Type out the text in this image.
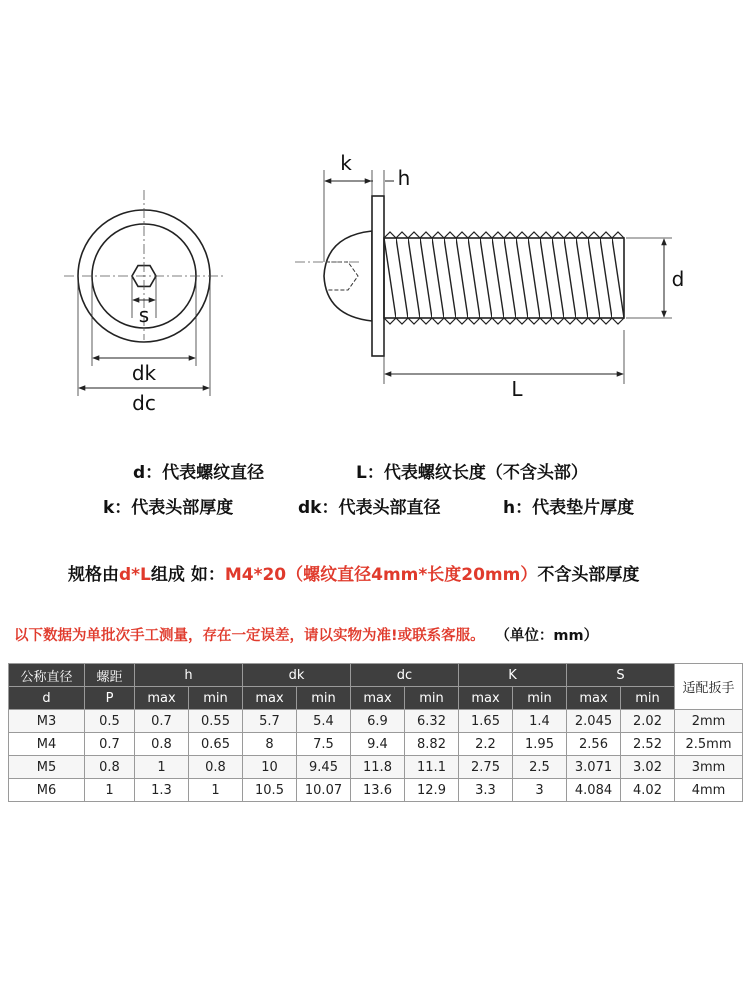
s
dk
dc
k
h
d
L
d：代表螺纹直径	L：代表螺纹长度（不含头部）
k：代表头部厚度	dk：代表头部直径	h：代表垫片厚度
规格由d*L组成 如：M4*20（螺纹直径4mm*长度20mm）不含头部厚度
以下数据为单批次手工测量，存在一定误差，请以实物为准!或联系客服。 （单位：mm）
公称直径	螺距	h		dk		dc		K		S		适配扳手
d	P	max	min	max	min	max	min	max	min	max	min	
M3	0.5	0.7	0.55	5.7	5.4	6.9	6.32	1.65	1.4	2.045	2.02	2mm
M4	0.7	0.8	0.65	8	7.5	9.4	8.82	2.2	1.95	2.56	2.52	2.5mm
M5	0.8	1	0.8	10	9.45	11.8	11.1	2.75	2.5	3.071	3.02	3mm
M6	1	1.3	1	10.5	10.07	13.6	12.9	3.3	3	4.084	4.02	4mm
